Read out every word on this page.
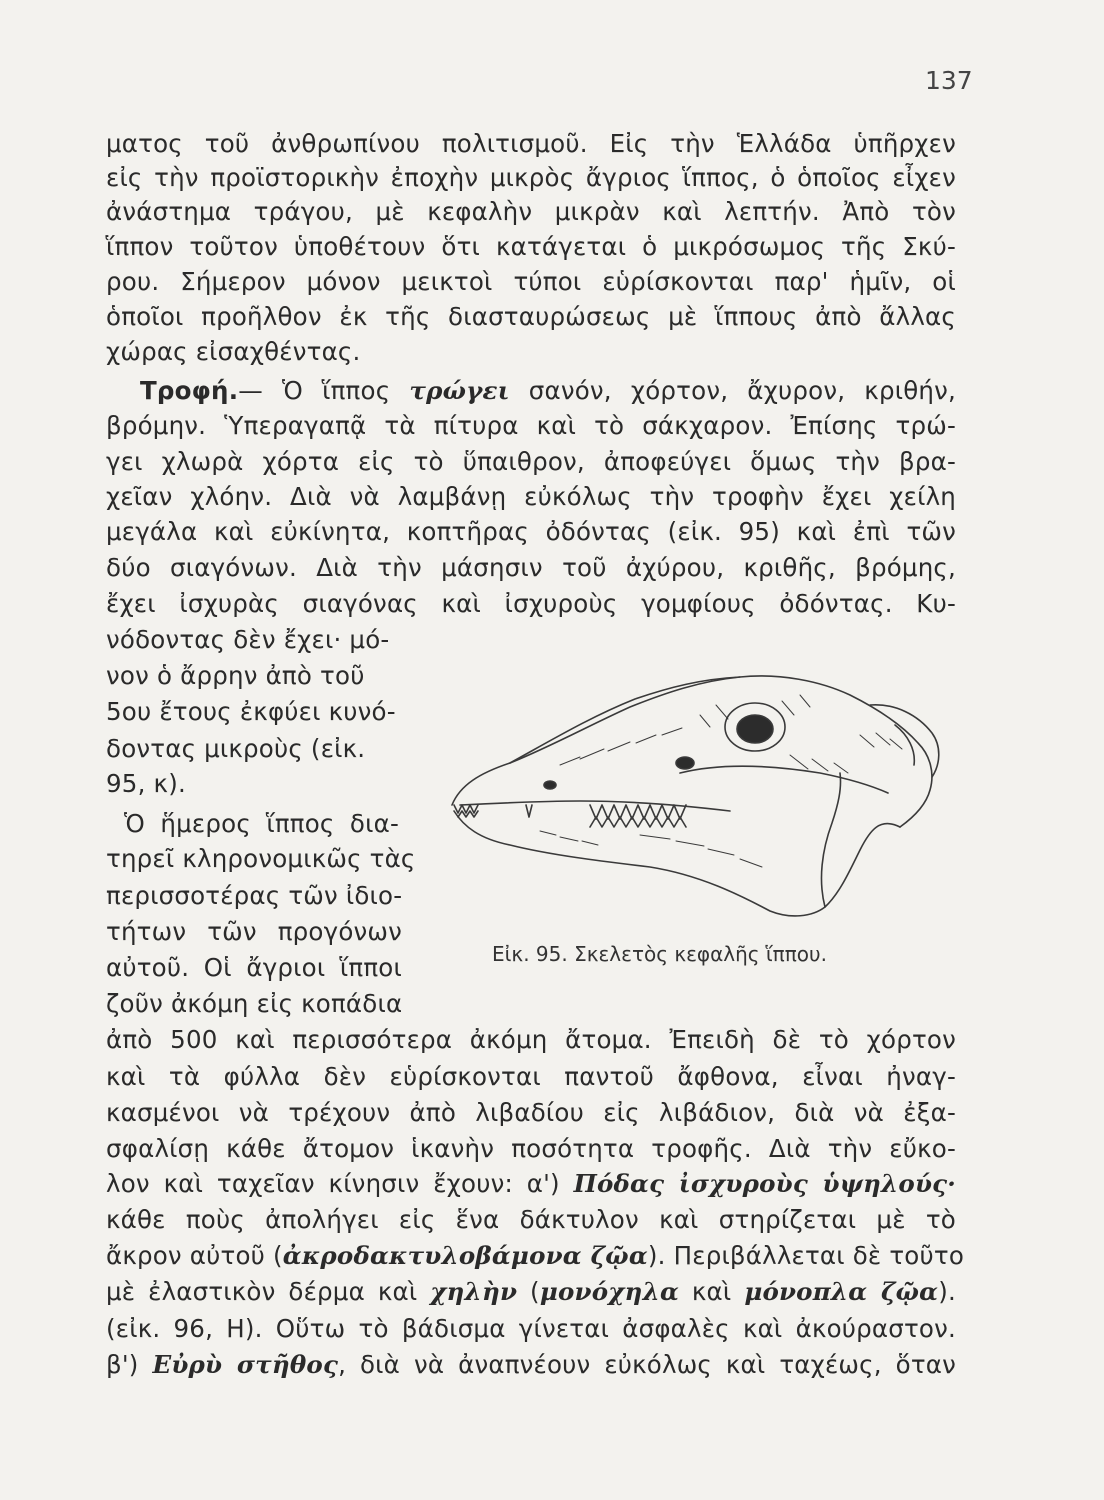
137
ματος τοῦ ἀνθρωπίνου πολιτισμοῦ. Εἰς τὴν Ἑλλάδα ὑπῆρχεν
εἰς τὴν προϊστορικὴν ἐποχὴν μικρὸς ἄγριος ἵππος, ὁ ὁποῖος εἶχεν
ἀνάστημα τράγου, μὲ κεφαλὴν μικρὰν καὶ λεπτήν. Ἀπὸ τὸν
ἵππον τοῦτον ὑποθέτουν ὅτι κατάγεται ὁ μικρόσωμος τῆς Σκύ-
ρου. Σήμερον μόνον μεικτοὶ τύποι εὑρίσκονται παρ' ἡμῖν, οἱ
ὁποῖοι προῆλθον ἐκ τῆς διασταυρώσεως μὲ ἵππους ἀπὸ ἄλλας
χώρας εἰσαχθέντας.
Τροφή.— Ὁ ἵππος τρώγει σανόν, χόρτον, ἄχυρον, κριθήν,
βρόμην. Ὑπεραγαπᾷ τὰ πίτυρα καὶ τὸ σάκχαρον. Ἐπίσης τρώ-
γει χλωρὰ χόρτα εἰς τὸ ὕπαιθρον, ἀποφεύγει ὅμως τὴν βρα-
χεῖαν χλόην. Διὰ νὰ λαμβάνῃ εὐκόλως τὴν τροφὴν ἔχει χείλη
μεγάλα καὶ εὐκίνητα, κοπτῆρας ὀδόντας (εἰκ. 95) καὶ ἐπὶ τῶν
δύο σιαγόνων. Διὰ τὴν μάσησιν τοῦ ἀχύρου, κριθῆς, βρόμης,
ἔχει ἰσχυρὰς σιαγόνας καὶ ἰσχυροὺς γομφίους ὀδόντας. Κυ-
νόδοντας δὲν ἔχει· μό-
νον ὁ ἄρρην ἀπὸ τοῦ
5ου ἔτους ἐκφύει κυνό-
δοντας μικροὺς (εἰκ.
95, κ).
Ὁ ἥμερος ἵππος δια-
τηρεῖ κληρονομικῶς τὰς
περισσοτέρας τῶν ἰδιο-
τήτων τῶν προγόνων
αὐτοῦ. Οἱ ἄγριοι ἵπποι
ζοῦν ἀκόμη εἰς κοπάδια
Εἰκ. 95. Σκελετὸς κεφαλῆς ἵππου.
ἀπὸ 500 καὶ περισσότερα ἀκόμη ἄτομα. Ἐπειδὴ δὲ τὸ χόρτον
καὶ τὰ φύλλα δὲν εὑρίσκονται παντοῦ ἄφθονα, εἶναι ἠναγ-
κασμένοι νὰ τρέχουν ἀπὸ λιβαδίου εἰς λιβάδιον, διὰ νὰ ἐξα-
σφαλίσῃ κάθε ἄτομον ἱκανὴν ποσότητα τροφῆς. Διὰ τὴν εὔκο-
λον καὶ ταχεῖαν κίνησιν ἔχουν: α') Πόδας ἰσχυροὺς ὑψηλούς·
κάθε ποὺς ἀπολήγει εἰς ἕνα δάκτυλον καὶ στηρίζεται μὲ τὸ
ἄκρον αὐτοῦ (ἀκροδακτυλοβάμονα ζῷα). Περιβάλλεται δὲ τοῦτο
μὲ ἐλαστικὸν δέρμα καὶ χηλὴν (μονόχηλα καὶ μόνοπλα ζῷα).
(εἰκ. 96, Η). Οὕτω τὸ βάδισμα γίνεται ἀσφαλὲς καὶ ἀκούραστον.
β') Εὐρὺ στῆθος, διὰ νὰ ἀναπνέουν εὐκόλως καὶ ταχέως, ὅταν
